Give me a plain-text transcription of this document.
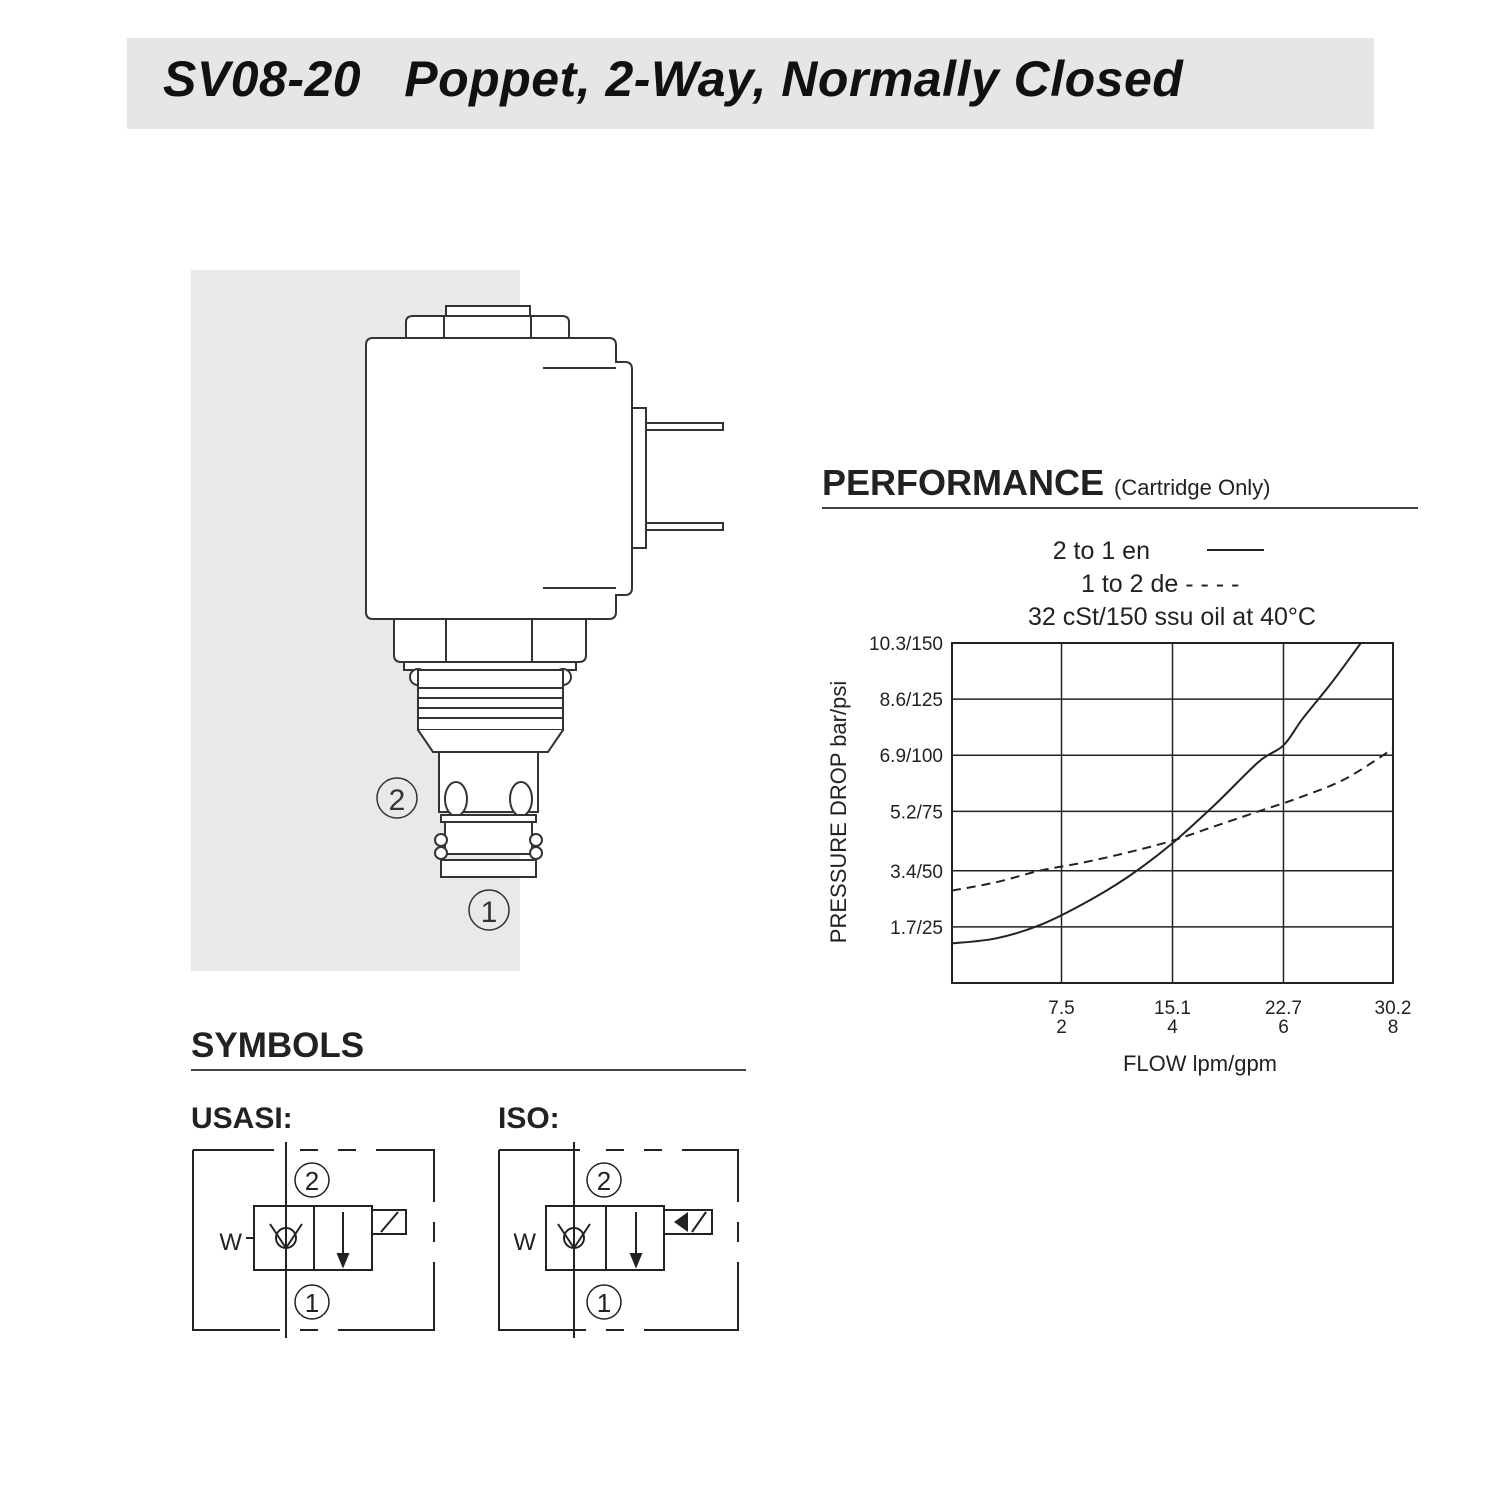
SV08-20 Poppet, 2-Way, Normally Closed
2
1
PERFORMANCE (Cartridge Only)
2 to 1 en
1 to 2 de - - - -
32 cSt/150 ssu oil at 40°C
1.7/25
3.4/50
5.2/75
6.9/100
8.6/125
10.3/150
7.5
2
15.1
4
22.7
6
30.2
8
FLOW lpm/gpm
PRESSURE DROP bar/psi
SYMBOLS
USASI:	ISO:
W
2
1
W
2
1
